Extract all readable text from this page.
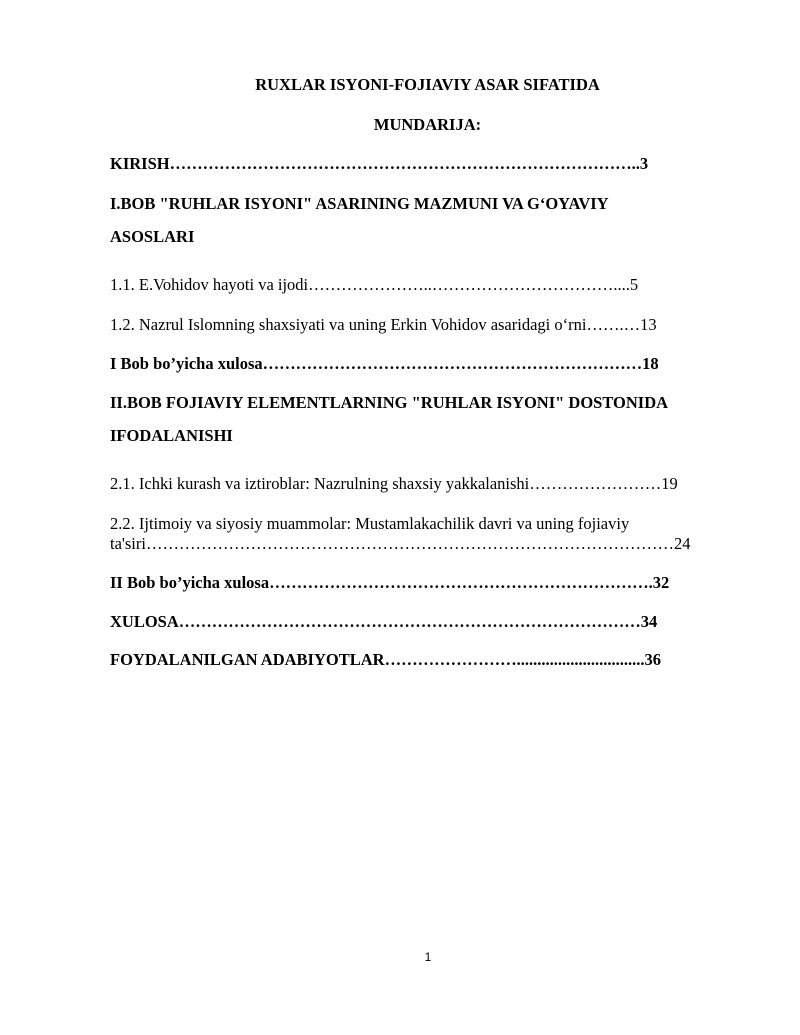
RUXLAR ISYONI-FOJIAVIY ASAR SIFATIDA
MUNDARIJA:
KIRISH…………………………………………………………………………..3
I.BOB "RUHLAR ISYONI" ASARINING MAZMUNI VA G‘OYAVIY
ASOSLARI
1.1. E.Vohidov hayoti va ijodi…………………..……………………………....5
1.2. Nazrul Islomning shaxsiyati va uning Erkin Vohidov asaridagi o‘rni…….…13
I Bob bo’yicha xulosa……………………………………………………………18
II.BOB FOJIAVIY ELEMENTLARNING "RUHLAR ISYONI" DOSTONIDA
IFODALANISHI
2.1. Ichki kurash va iztiroblar: Nazrulning shaxsiy yakkalanishi……………………19
2.2. Ijtimoiy va siyosiy muammolar: Mustamlakachilik davri va uning fojiaviy
ta'siri……………………………………………………………………………………24
II Bob bo’yicha xulosa…………………………………………………………….32
XULOSA…………………………………………………………………………34
FOYDALANILGAN ADABIYOTLAR……………………...............................36
1
